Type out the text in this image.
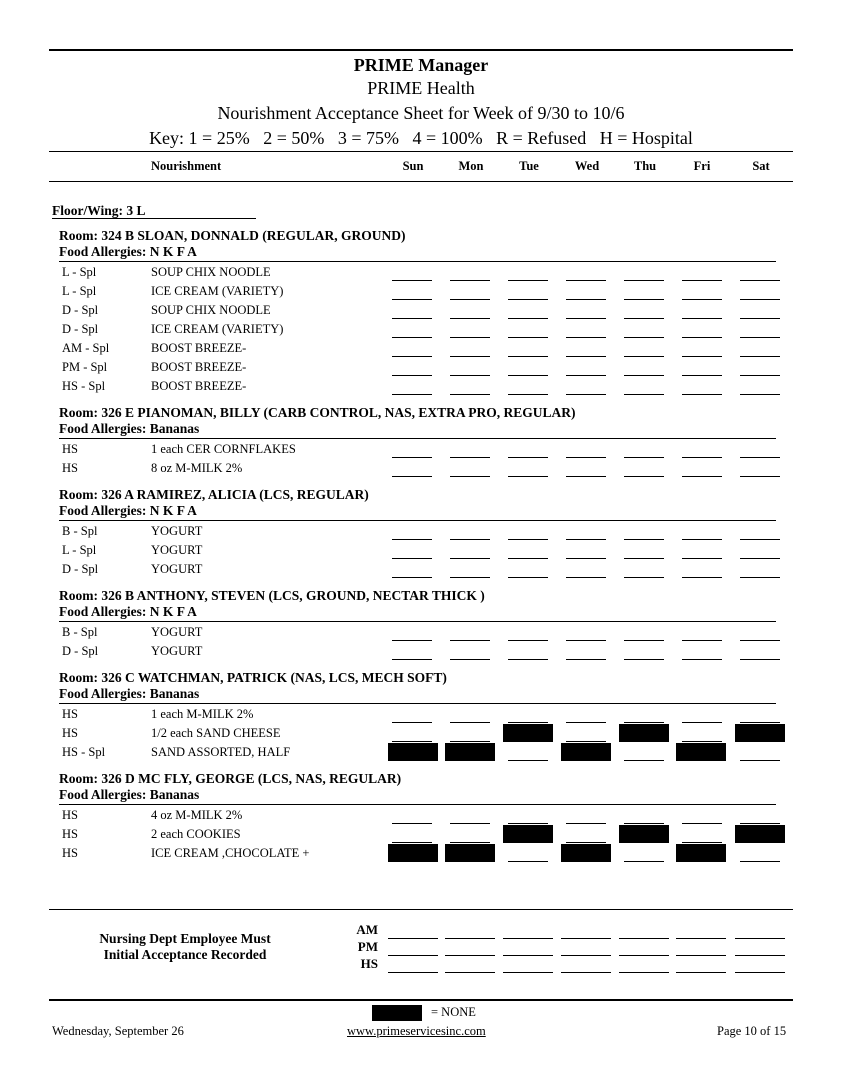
PRIME Manager
PRIME Health
Nourishment Acceptance Sheet for Week of 9/30 to 10/6
Key: 1 = 25%   2 = 50%   3 = 75%   4 = 100%   R = Refused   H = Hospital
Nourishment	Sun	Mon	Tue	Wed	Thu	Fri	Sat
Floor/Wing: 3 L
Room: 324 B SLOAN, DONNALD (REGULAR, GROUND)
Food Allergies: N K F A
L - Spl	SOUP CHIX NOODLE
L - Spl	ICE CREAM (VARIETY)
D - Spl	SOUP CHIX NOODLE
D - Spl	ICE CREAM (VARIETY)
AM - Spl	BOOST BREEZE-
PM - Spl	BOOST BREEZE-
HS - Spl	BOOST BREEZE-
Room: 326 E PIANOMAN, BILLY (CARB CONTROL, NAS, EXTRA PRO, REGULAR)
Food Allergies: Bananas
HS	1 each CER CORNFLAKES
HS	8 oz M-MILK 2%
Room: 326 A RAMIREZ, ALICIA (LCS, REGULAR)
Food Allergies: N K F A
B - Spl	YOGURT
L - Spl	YOGURT
D - Spl	YOGURT
Room: 326 B ANTHONY, STEVEN (LCS, GROUND, NECTAR THICK )
Food Allergies: N K F A
B - Spl	YOGURT
D - Spl	YOGURT
Room: 326 C WATCHMAN, PATRICK (NAS, LCS, MECH SOFT)
Food Allergies: Bananas
HS	1 each M-MILK 2%
HS	1/2 each SAND CHEESE
HS - Spl	SAND ASSORTED, HALF
Room: 326 D MC FLY, GEORGE (LCS, NAS, REGULAR)
Food Allergies: Bananas
HS	4 oz M-MILK 2%
HS	2 each COOKIES
HS	ICE CREAM ,CHOCOLATE +
Nursing Dept Employee Must
Initial Acceptance Recorded
AM
PM
HS
= NONE
Wednesday, September 26	www.primeservicesinc.com	Page 10 of 15
